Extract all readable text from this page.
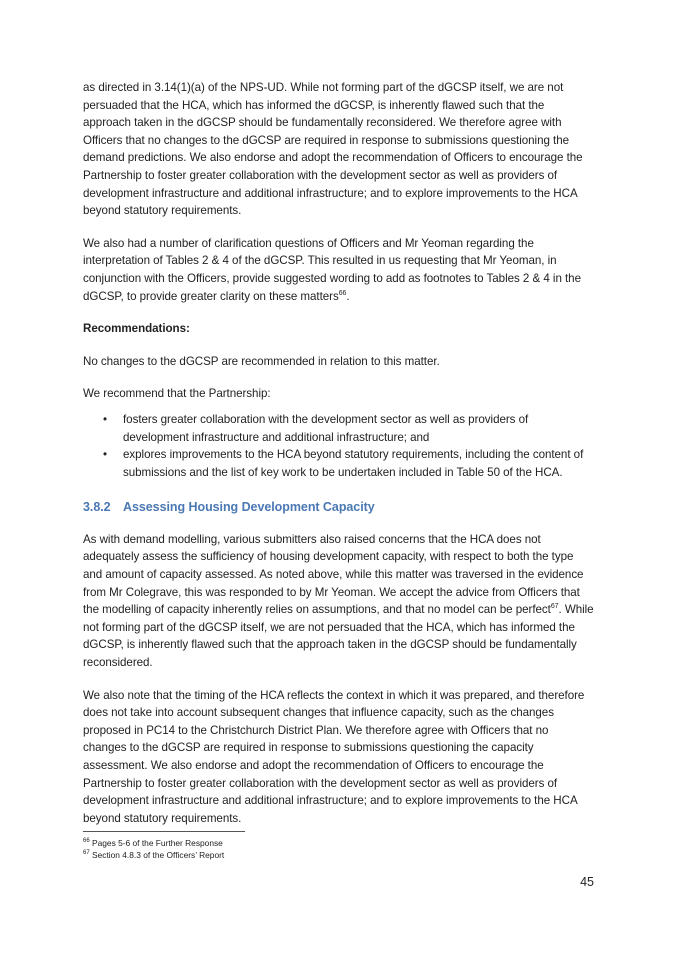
as directed in 3.14(1)(a) of the NPS-UD. While not forming part of the dGCSP itself, we are not persuaded that the HCA, which has informed the dGCSP, is inherently flawed such that the approach taken in the dGCSP should be fundamentally reconsidered. We therefore agree with Officers that no changes to the dGCSP are required in response to submissions questioning the demand predictions. We also endorse and adopt the recommendation of Officers to encourage the Partnership to foster greater collaboration with the development sector as well as providers of development infrastructure and additional infrastructure; and to explore improvements to the HCA beyond statutory requirements.

We also had a number of clarification questions of Officers and Mr Yeoman regarding the interpretation of Tables 2 & 4 of the dGCSP. This resulted in us requesting that Mr Yeoman, in conjunction with the Officers, provide suggested wording to add as footnotes to Tables 2 & 4 in the dGCSP, to provide greater clarity on these matters$^{66}$.

Recommendations:

No changes to the dGCSP are recommended in relation to this matter.

We recommend that the Partnership:

• fosters greater collaboration with the development sector as well as providers of development infrastructure and additional infrastructure; and
• explores improvements to the HCA beyond statutory requirements, including the content of submissions and the list of key work to be undertaken included in Table 50 of the HCA.
3.8.2 Assessing Housing Development Capacity

As with demand modelling, various submitters also raised concerns that the HCA does not adequately assess the sufficiency of housing development capacity, with respect to both the type and amount of capacity assessed. As noted above, while this matter was traversed in the evidence from Mr Colegrave, this was responded to by Mr Yeoman. We accept the advice from Officers that the modelling of capacity inherently relies on assumptions, and that no model can be perfect$^{67}$. While not forming part of the dGCSP itself, we are not persuaded that the HCA, which has informed the dGCSP, is inherently flawed such that the approach taken in the dGCSP should be fundamentally reconsidered.

We also note that the timing of the HCA reflects the context in which it was prepared, and therefore does not take into account subsequent changes that influence capacity, such as the changes proposed in PC14 to the Christchurch District Plan. We therefore agree with Officers that no changes to the dGCSP are required in response to submissions questioning the capacity assessment. We also endorse and adopt the recommendation of Officers to encourage the Partnership to foster greater collaboration with the development sector as well as providers of development infrastructure and additional infrastructure; and to explore improvements to the HCA beyond statutory requirements.

$^{66}$ Pages 5-6 of the Further Response
$^{67}$ Section 4.8.3 of the Officers’ Report
45
